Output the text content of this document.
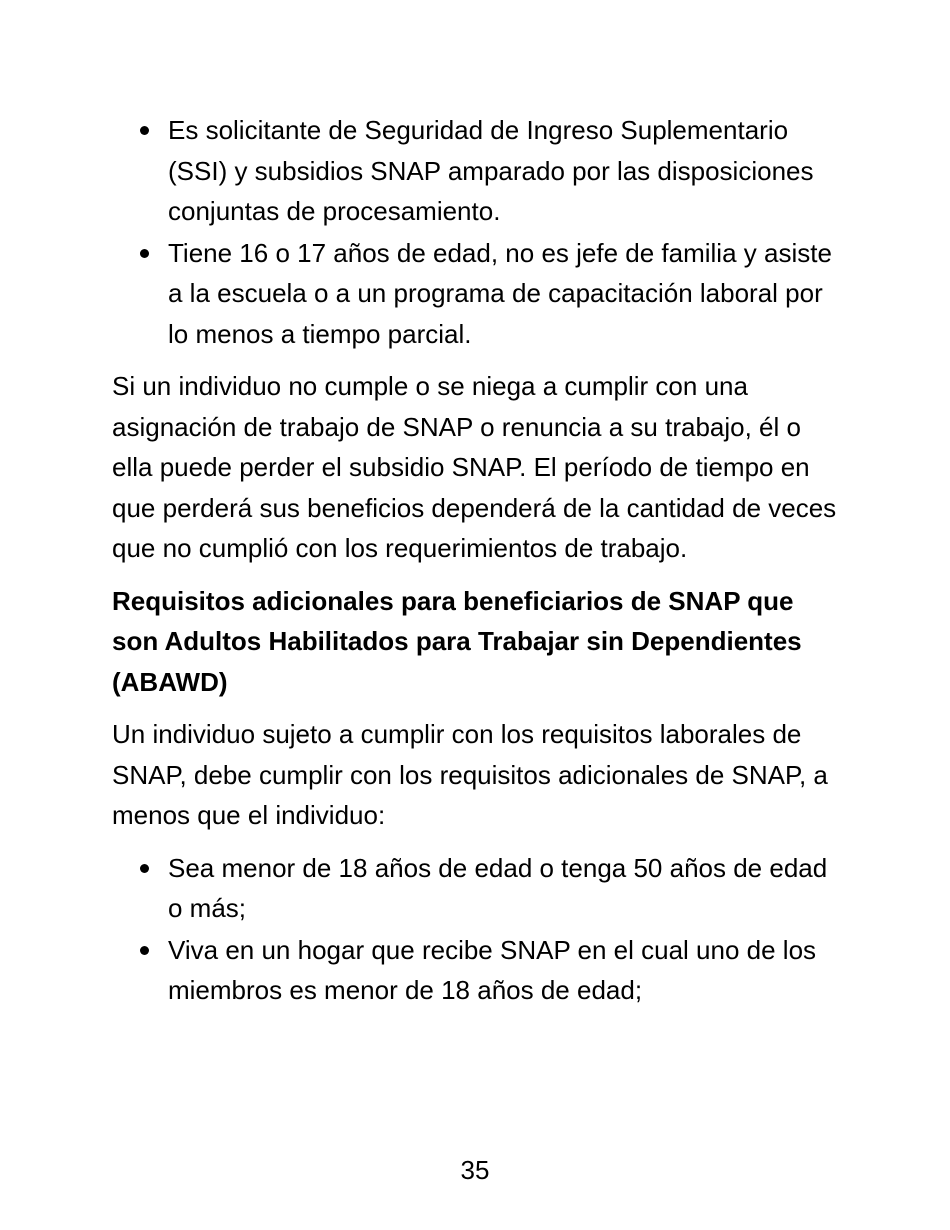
Es solicitante de Seguridad de Ingreso Suplementario (SSI) y subsidios SNAP amparado por las disposiciones conjuntas de procesamiento.
Tiene 16 o 17 años de edad, no es jefe de familia y asiste a la escuela o a un programa de capacitación laboral por lo menos a tiempo parcial.

Si un individuo no cumple o se niega a cumplir con una asignación de trabajo de SNAP o renuncia a su trabajo, él o ella puede perder el subsidio SNAP. El período de tiempo en que perderá sus beneficios dependerá de la cantidad de veces que no cumplió con los requerimientos de trabajo.

Requisitos adicionales para beneficiarios de SNAP que son Adultos Habilitados para Trabajar sin Dependientes (ABAWD)

Un individuo sujeto a cumplir con los requisitos laborales de SNAP, debe cumplir con los requisitos adicionales de SNAP, a menos que el individuo:

Sea menor de 18 años de edad o tenga 50 años de edad o más;
Viva en un hogar que recibe SNAP en el cual uno de los miembros es menor de 18 años de edad;
35
